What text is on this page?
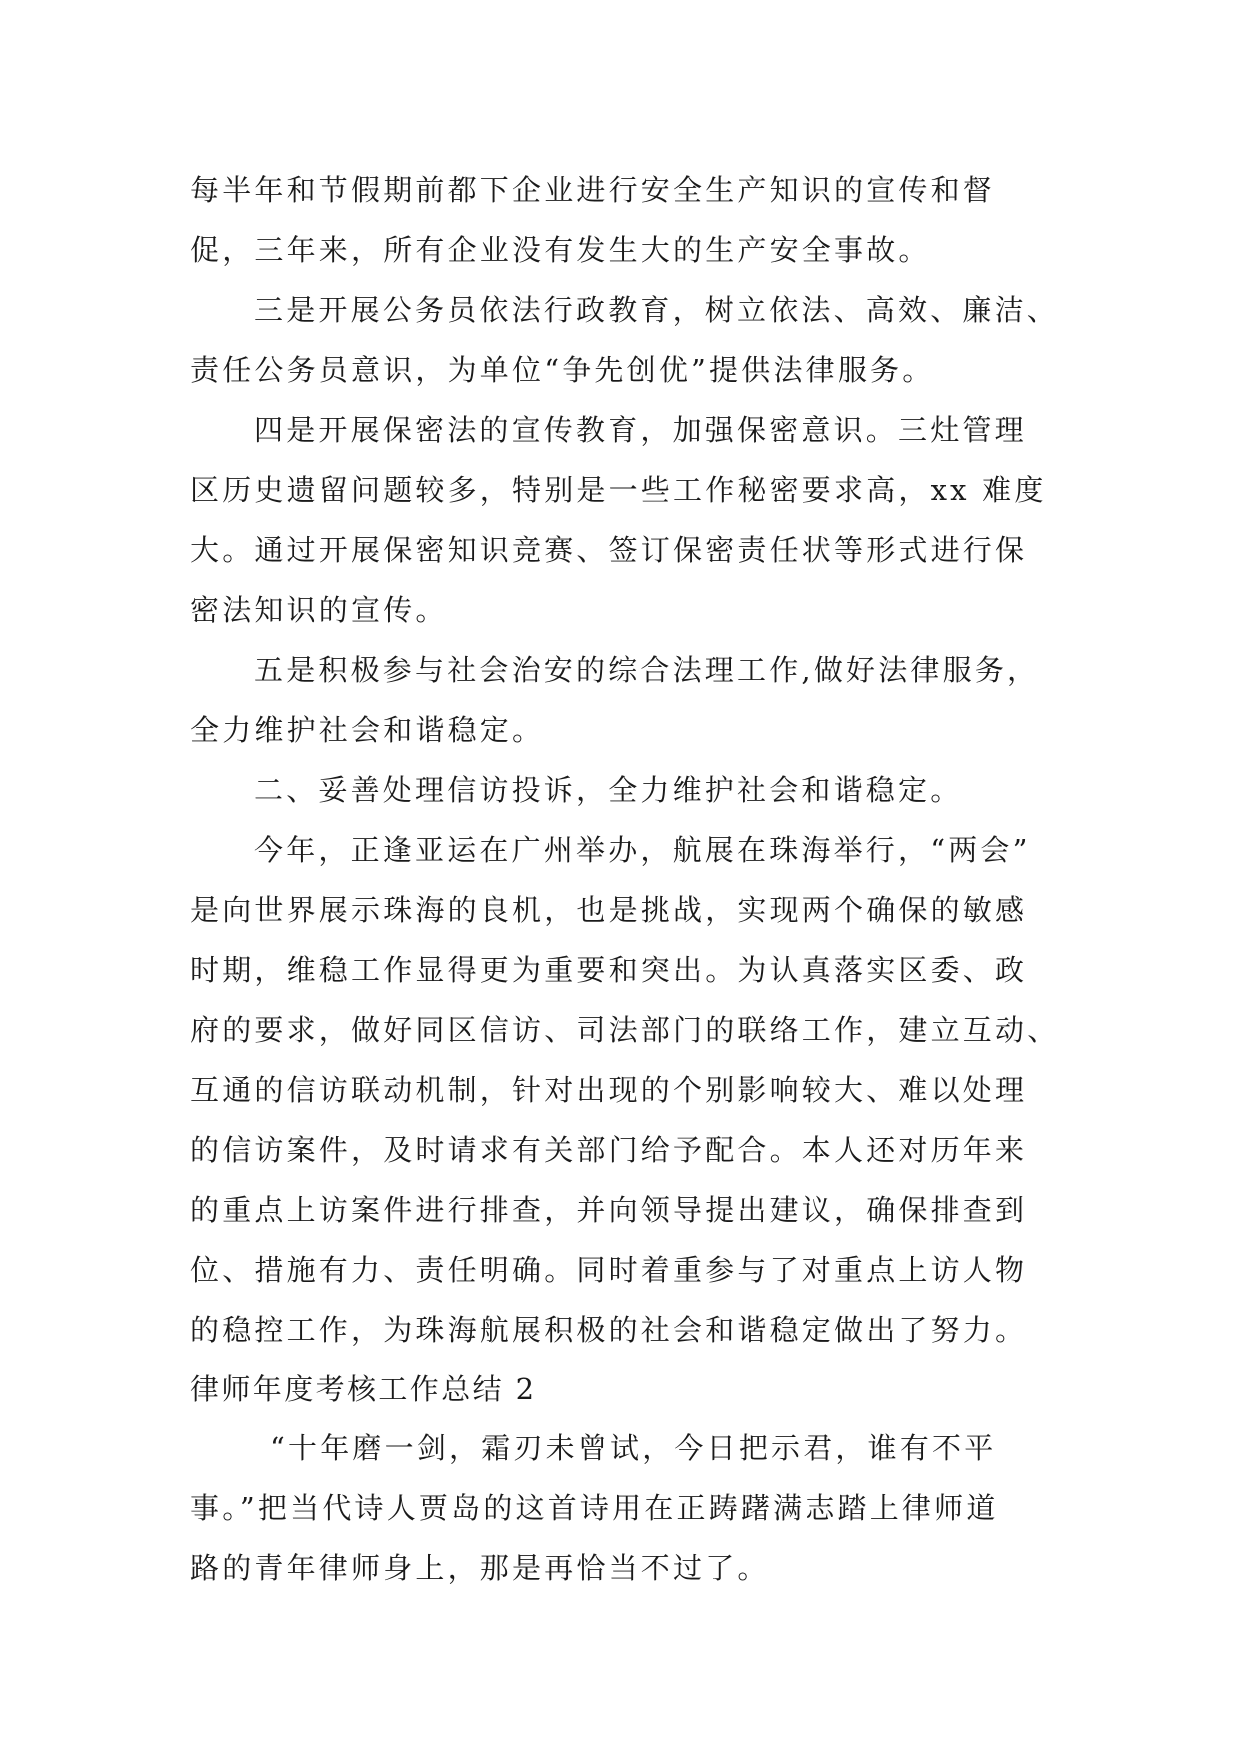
每半年和节假期前都下企业进行安全生产知识的宣传和督
促，三年来，所有企业没有发生大的生产安全事故。
三是开展公务员依法行政教育，树立依法、高效、廉洁、
责任公务员意识，为单位“争先创优”提供法律服务。
四是开展保密法的宣传教育，加强保密意识。三灶管理
区历史遗留问题较多，特别是一些工作秘密要求高，xx 难度
大。通过开展保密知识竞赛、签订保密责任状等形式进行保
密法知识的宣传。
五是积极参与社会治安的综合法理工作,做好法律服务，
全力维护社会和谐稳定。
二、妥善处理信访投诉，全力维护社会和谐稳定。
今年，正逢亚运在广州举办，航展在珠海举行，“两会”
是向世界展示珠海的良机，也是挑战，实现两个确保的敏感
时期，维稳工作显得更为重要和突出。为认真落实区委、政
府的要求，做好同区信访、司法部门的联络工作，建立互动、
互通的信访联动机制，针对出现的个别影响较大、难以处理
的信访案件，及时请求有关部门给予配合。本人还对历年来
的重点上访案件进行排查，并向领导提出建议，确保排查到
位、措施有力、责任明确。同时着重参与了对重点上访人物
的稳控工作，为珠海航展积极的社会和谐稳定做出了努力。
律师年度考核工作总结 2
“十年磨一剑，霜刃未曾试，今日把示君，谁有不平
事。”把当代诗人贾岛的这首诗用在正踌躇满志踏上律师道
路的青年律师身上，那是再恰当不过了。
